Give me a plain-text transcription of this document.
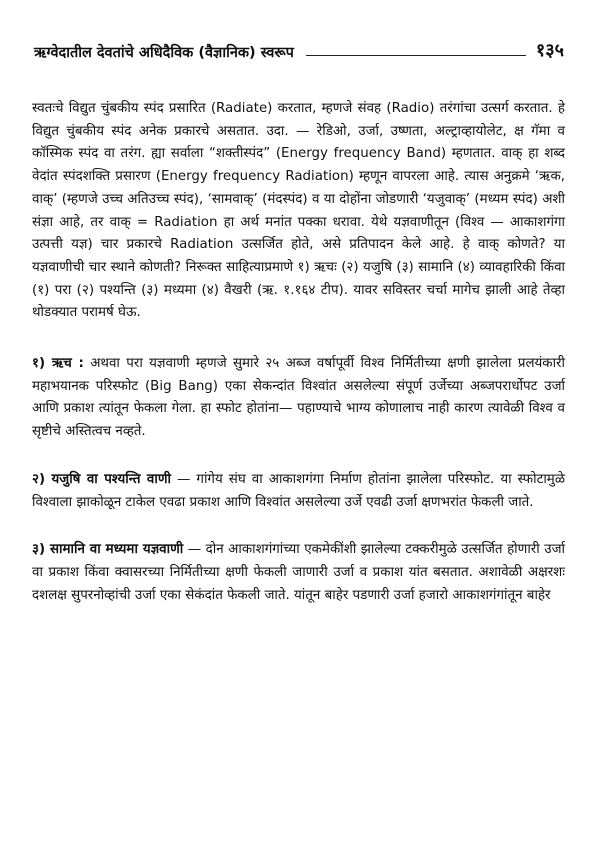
ऋग्वेदातील देवतांचे अधिदैविक (वैज्ञानिक) स्वरूप	१३५

स्वतःचे विद्युत चुंबकीय स्पंद प्रसारित (Radiate) करतात, म्हणजे संवह (Radio) तरंगांचा उत्सर्ग करतात. हे विद्युत चुंबकीय स्पंद अनेक प्रकारचे असतात. उदा. — रेडिओ, उर्जा, उष्णता, अल्ट्राव्हायोलेट, क्ष गॅमा व कॉस्मिक स्पंद वा तरंग. ह्या सर्वाला “शक्तीस्पंद” (Energy frequency Band) म्हणतात. वाक् हा शब्द वेदांत स्पंदशक्ति प्रसारण (Energy frequency Radiation) म्हणून वापरला आहे. त्यास अनुक्रमे ‘ऋक, वाक्’ (म्हणजे उच्च अतिउच्च स्पंद), ‘सामवाक्’ (मंदस्पंद) व या दोहोंना जोडणारी ‘यजुवाक्’ (मध्यम स्पंद) अशी संज्ञा आहे, तर वाक् = Radiation हा अर्थ मनांत पक्का धरावा. येथे यज्ञवाणीतून (विश्व — आकाशगंगा उत्पत्ती यज्ञ) चार प्रकारचे Radiation उत्सर्जित होते, असे प्रतिपादन केले आहे. हे वाक् कोणते? या यज्ञवाणीची चार स्थाने कोणती? निरूक्त साहित्याप्रमाणे १) ऋचः (२) यजुषि (३) सामानि (४) व्यावहारिकी किंवा (१) परा (२) पश्यन्ति (३) मध्यमा (४) वैखरी (ऋ. १.१६४ टीप). यावर सविस्तर चर्चा मागेच झाली आहे तेव्हा थोडक्यात परामर्ष घेऊ.

१) ऋच : अथवा परा यज्ञवाणी म्हणजे सुमारे २५ अब्ज वर्षापूर्वी विश्व निर्मितीच्या क्षणी झालेला प्रलयंकारी महाभयानक परिस्फोट (Big Bang) एका सेकन्दांत विश्वांत असलेल्या संपूर्ण उर्जेच्या अब्जपरार्धोपट उर्जा आणि प्रकाश त्यांतून फेकला गेला. हा स्फोट होतांना— पहाण्याचे भाग्य कोणालाच नाही कारण त्यावेळी विश्व व सृष्टीचे अस्तित्वच नव्हते.

२) यजुषि वा पश्यन्ति वाणी — गांगेय संघ वा आकाशगंगा निर्माण होतांना झालेला परिस्फोट. या स्फोटामुळे विश्वाला झाकोळून टाकेल एवढा प्रकाश आणि विश्वांत असलेल्या उर्जे एवढी उर्जा क्षणभरांत फेकली जाते.

३) सामानि वा मध्यमा यज्ञवाणी — दोन आकाशगंगांच्या एकमेकींशी झालेल्या टक्करीमुळे उत्सर्जित होणारी उर्जा वा प्रकाश किंवा क्वासरच्या निर्मितीच्या क्षणी फेकली जाणारी उर्जा व प्रकाश यांत बसतात. अशावेळी अक्षरशः दशलक्ष सुपरनोव्हांची उर्जा एका सेकंदांत फेकली जाते. यांतून बाहेर पडणारी उर्जा हजारो आकाशगंगांतून बाहेर
